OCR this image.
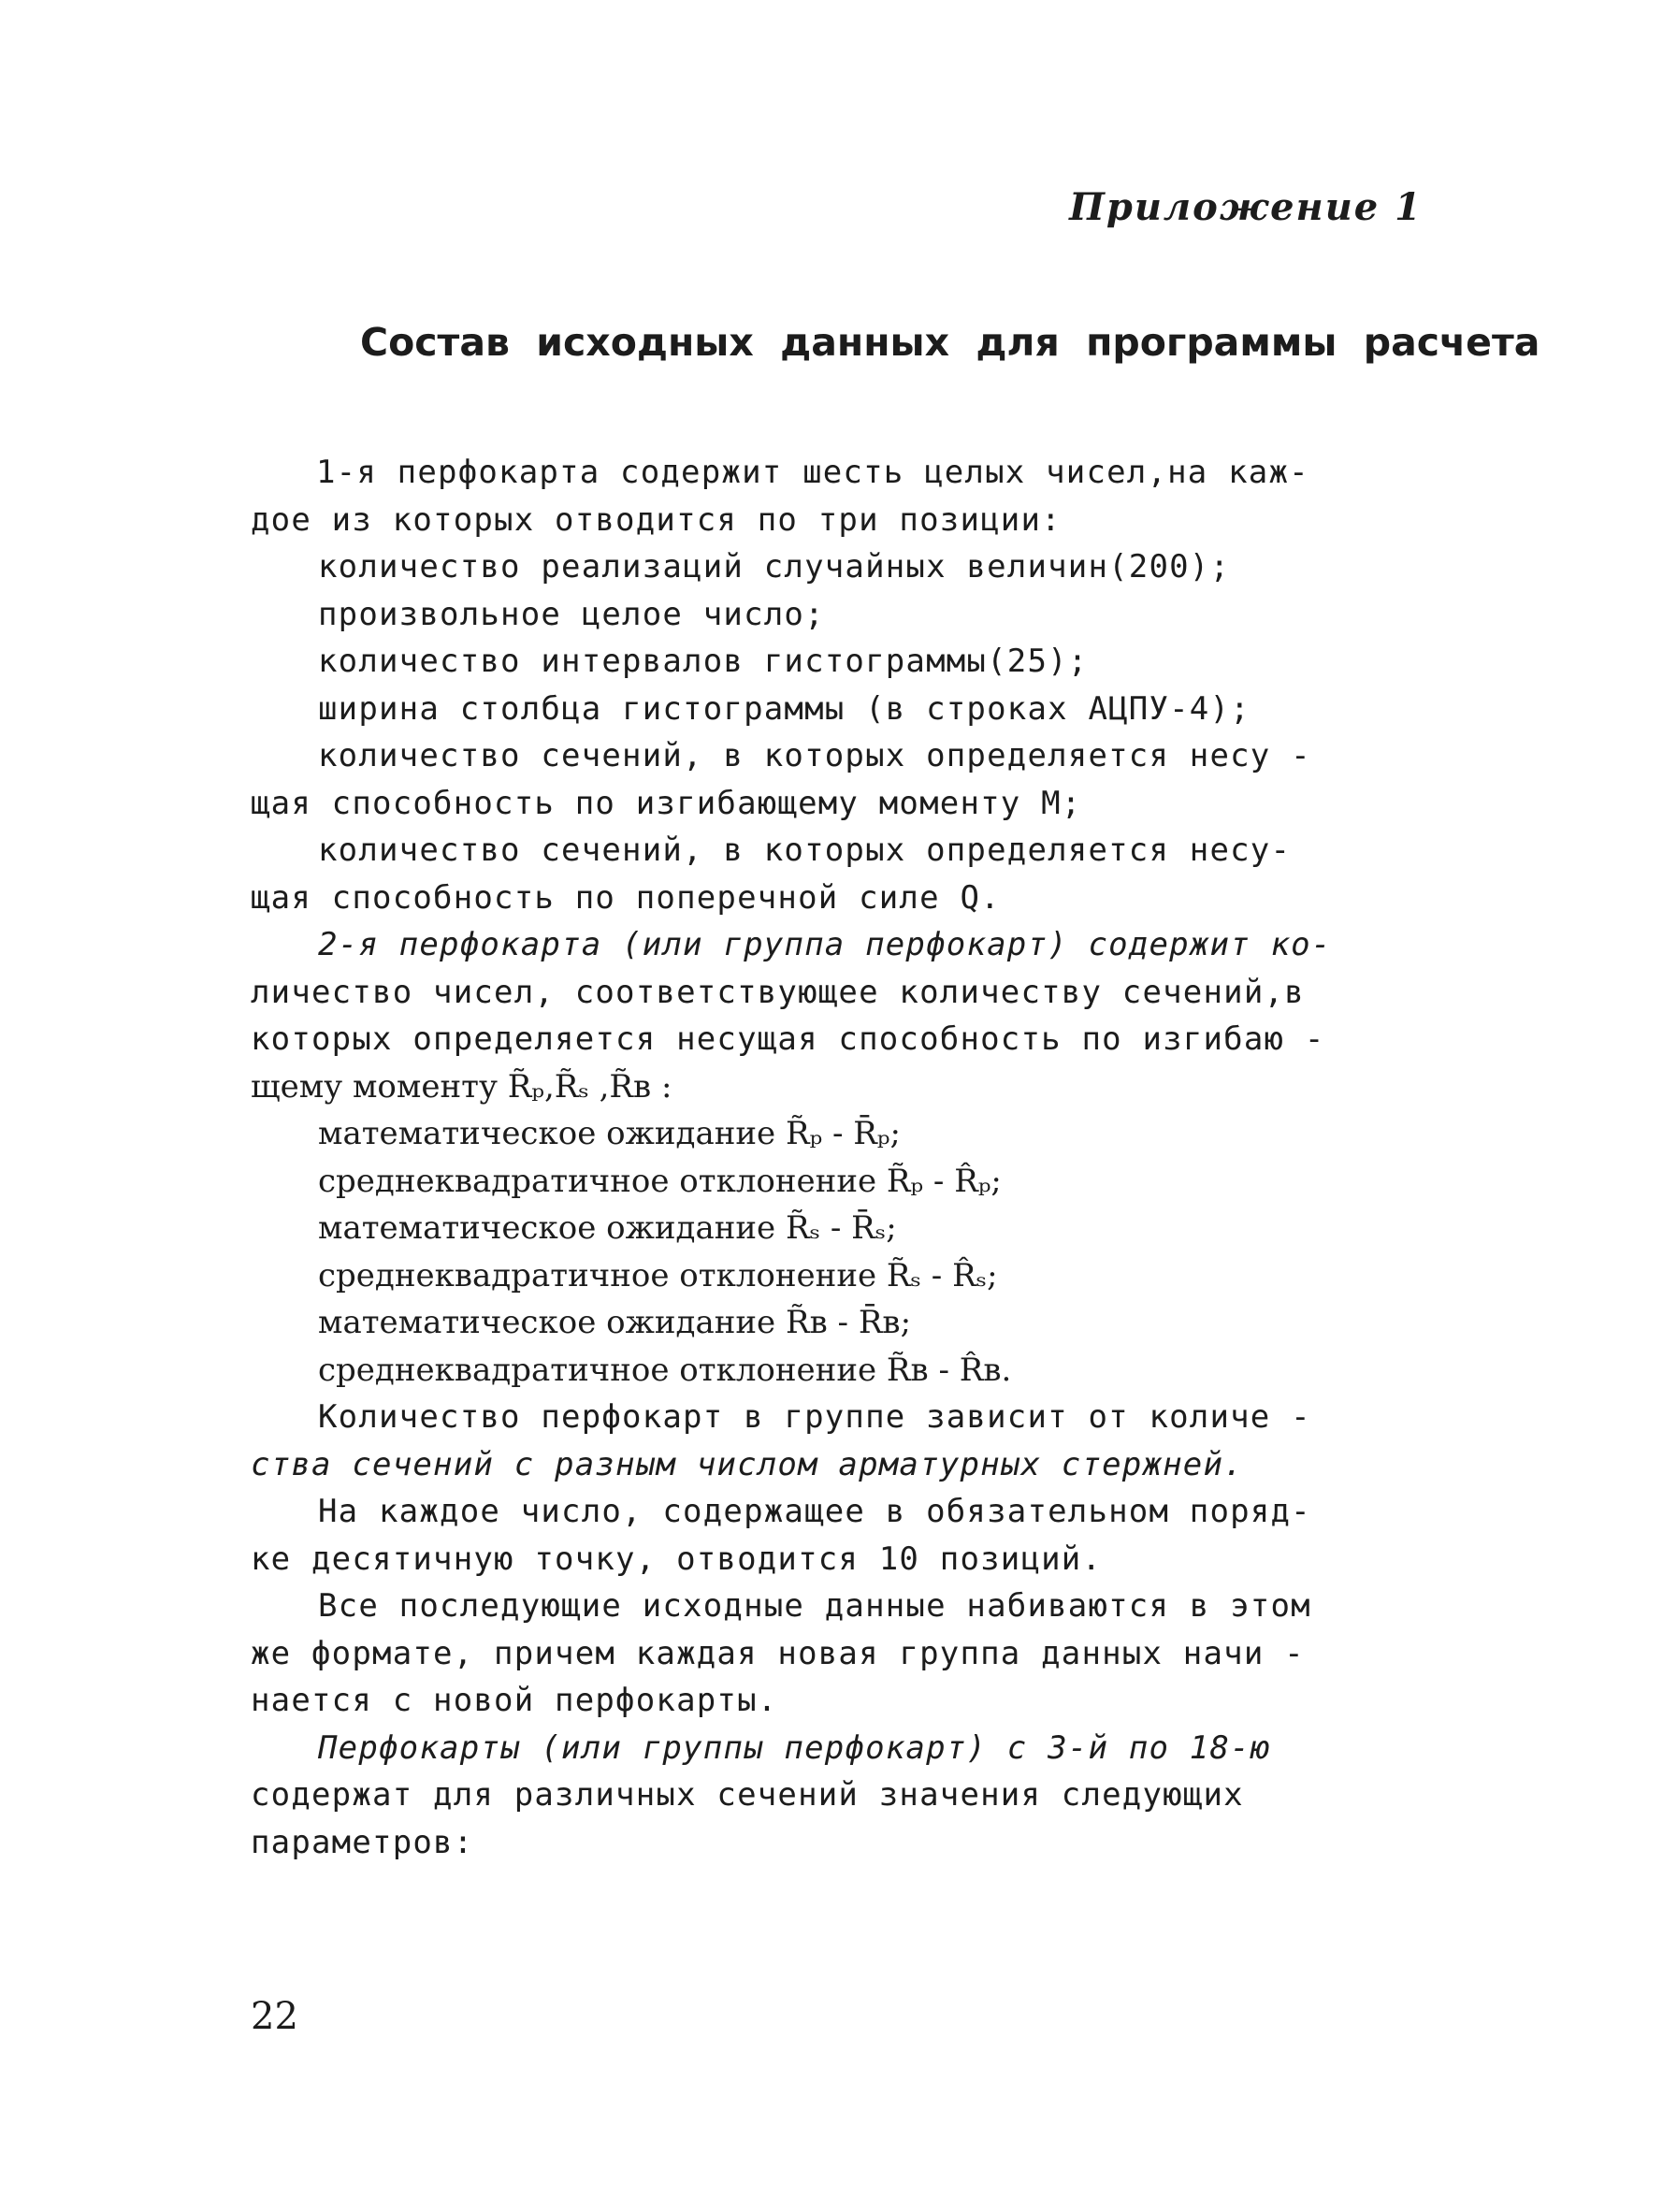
Приложение 1
Состав исходных данных для программы расчета
1-я перфокарта содержит шесть целых чисел,на каж-
дое из которых отводится по три позиции:
количество реализаций случайных величин(200);
произвольное целое число;
количество интервалов гистограммы(25);
ширина столбца гистограммы (в строках АЦПУ-4);
количество сечений, в которых определяется несу -
щая способность по изгибающему моменту М;
количество сечений, в которых определяется несу-
щая способность по поперечной силе Q.
2-я перфокарта (или группа перфокарт) содержит ко-
личество чисел, соответствующее количеству сечений,в
которых определяется несущая способность по изгибаю -
щему моменту R̃ₚ,R̃ₛ ,R̃в :
математическое ожидание R̃ₚ - R̄ₚ;
среднеквадратичное отклонение R̃ₚ - R̂ₚ;
математическое ожидание R̃ₛ - R̄ₛ;
среднеквадратичное отклонение R̃ₛ - R̂ₛ;
математическое ожидание R̃в - R̄в;
среднеквадратичное отклонение R̃в - R̂в.
Количество перфокарт в группе зависит от количе -
ства сечений с разным числом арматурных стержней.
На каждое число, содержащее в обязательном поряд-
ке десятичную точку, отводится 10 позиций.
Все последующие исходные данные набиваются в этом
же формате, причем каждая новая группа данных начи -
нается с новой перфокарты.
Перфокарты (или группы перфокарт) с 3-й по 18-ю
содержат для различных сечений значения следующих
параметров:
22
